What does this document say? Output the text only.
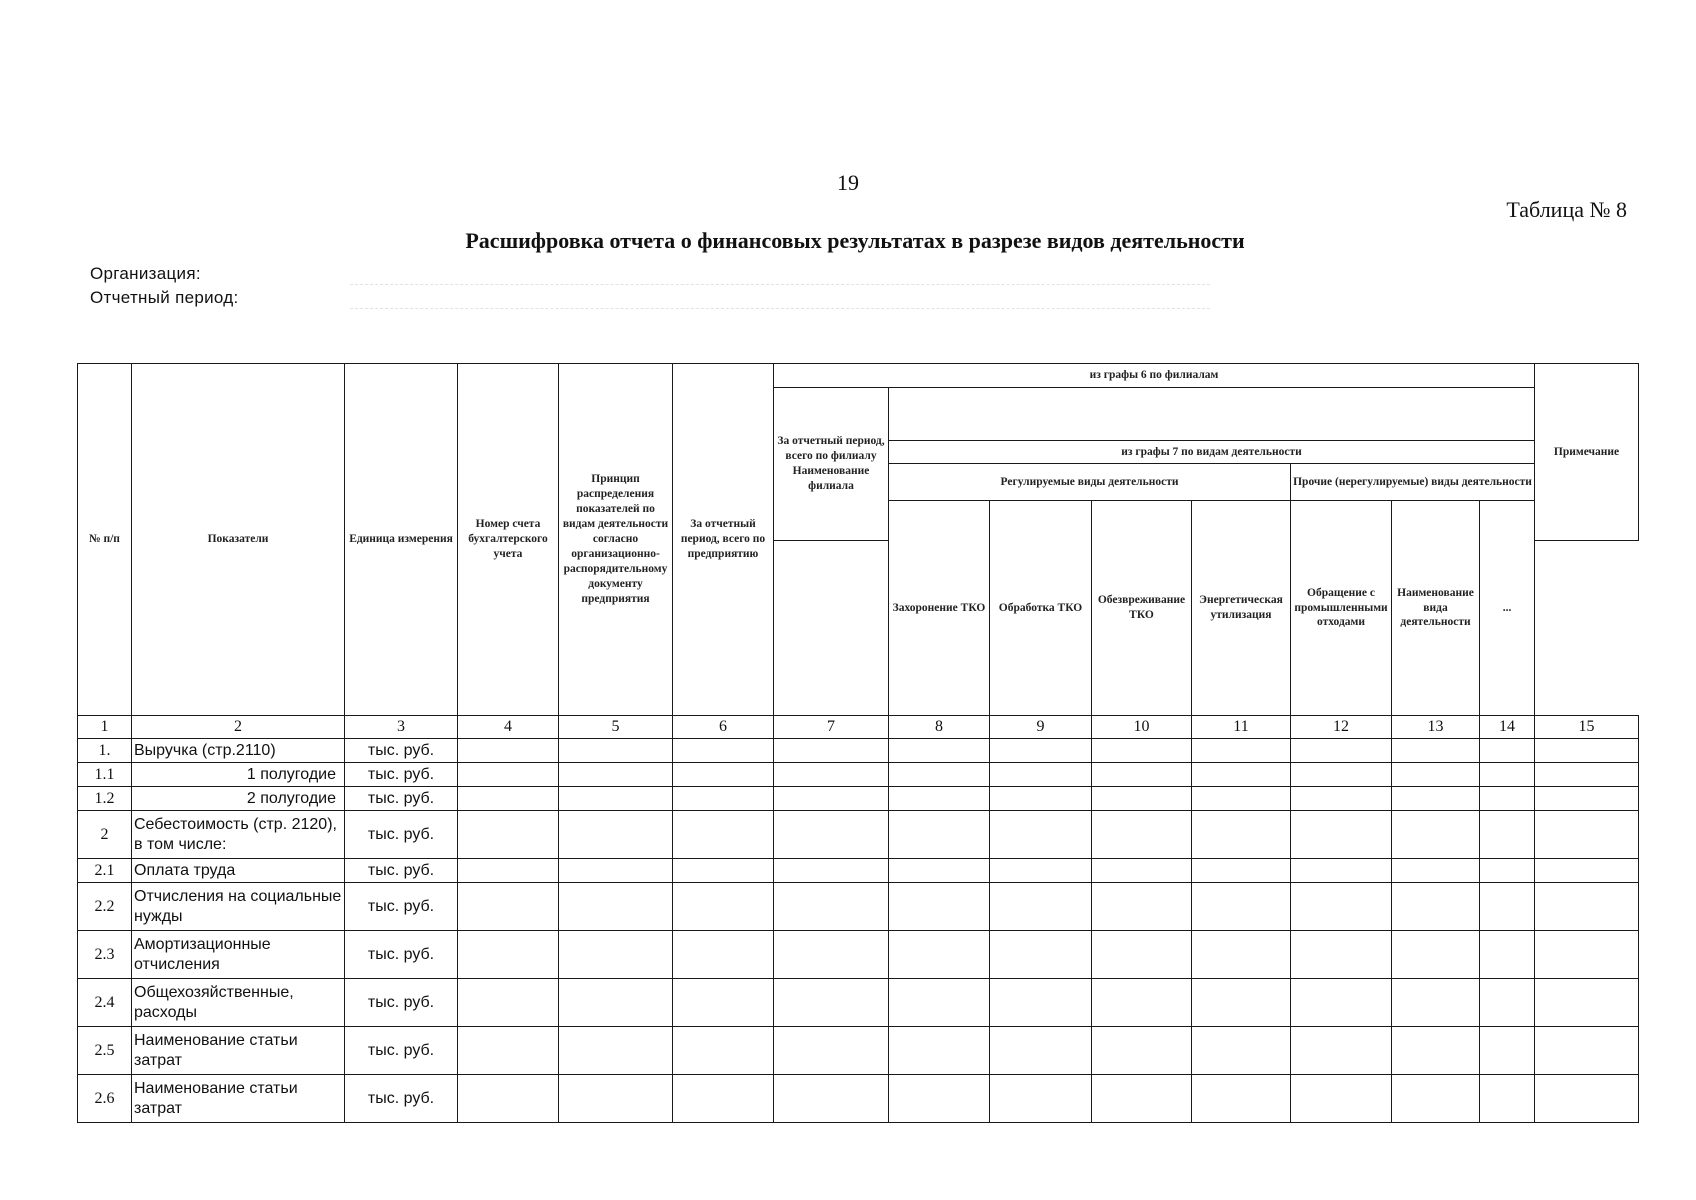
19
Таблица № 8
Расшифровка отчета о финансовых результатах в разрезе видов деятельности
Организация:
Отчетный период:
№ п/п	Показатели	Единица измерения	Номер счета бухгалтерского учета	Принцип распределения показателей по видам деятельности согласно организационно-распорядительному документу предприятия	За отчетный период, всего по предприятию	из графы 6 по филиалам								Примечание
						За отчетный период, всего по филиалу Наименование филиала								
							из графы 7 по видам деятельности							
							Регулируемые виды деятельности				Прочие (нерегулируемые) виды деятельности			
							Захоронение ТКО	Обработка ТКО	Обезвреживание ТКО	Энергетическая утилизация	Обращение с промышленными отходами	Наименование вида деятельности	...	

1	2	3	4	5	6	7	8	9	10	11	12	13	14	15
1.	Выручка (стр.2110)	тыс. руб.												
1.1	1 полугодие	тыс. руб.												
1.2	2 полугодие	тыс. руб.												
2	Себестоимость (стр. 2120), в том числе:	тыс. руб.												
2.1	Оплата труда	тыс. руб.												
2.2	Отчисления на социальные нужды	тыс. руб.												
2.3	Амортизационные отчисления	тыс. руб.												
2.4	Общехозяйственные, расходы	тыс. руб.												
2.5	Наименование статьи затрат	тыс. руб.												
2.6	Наименование статьи затрат	тыс. руб.												
